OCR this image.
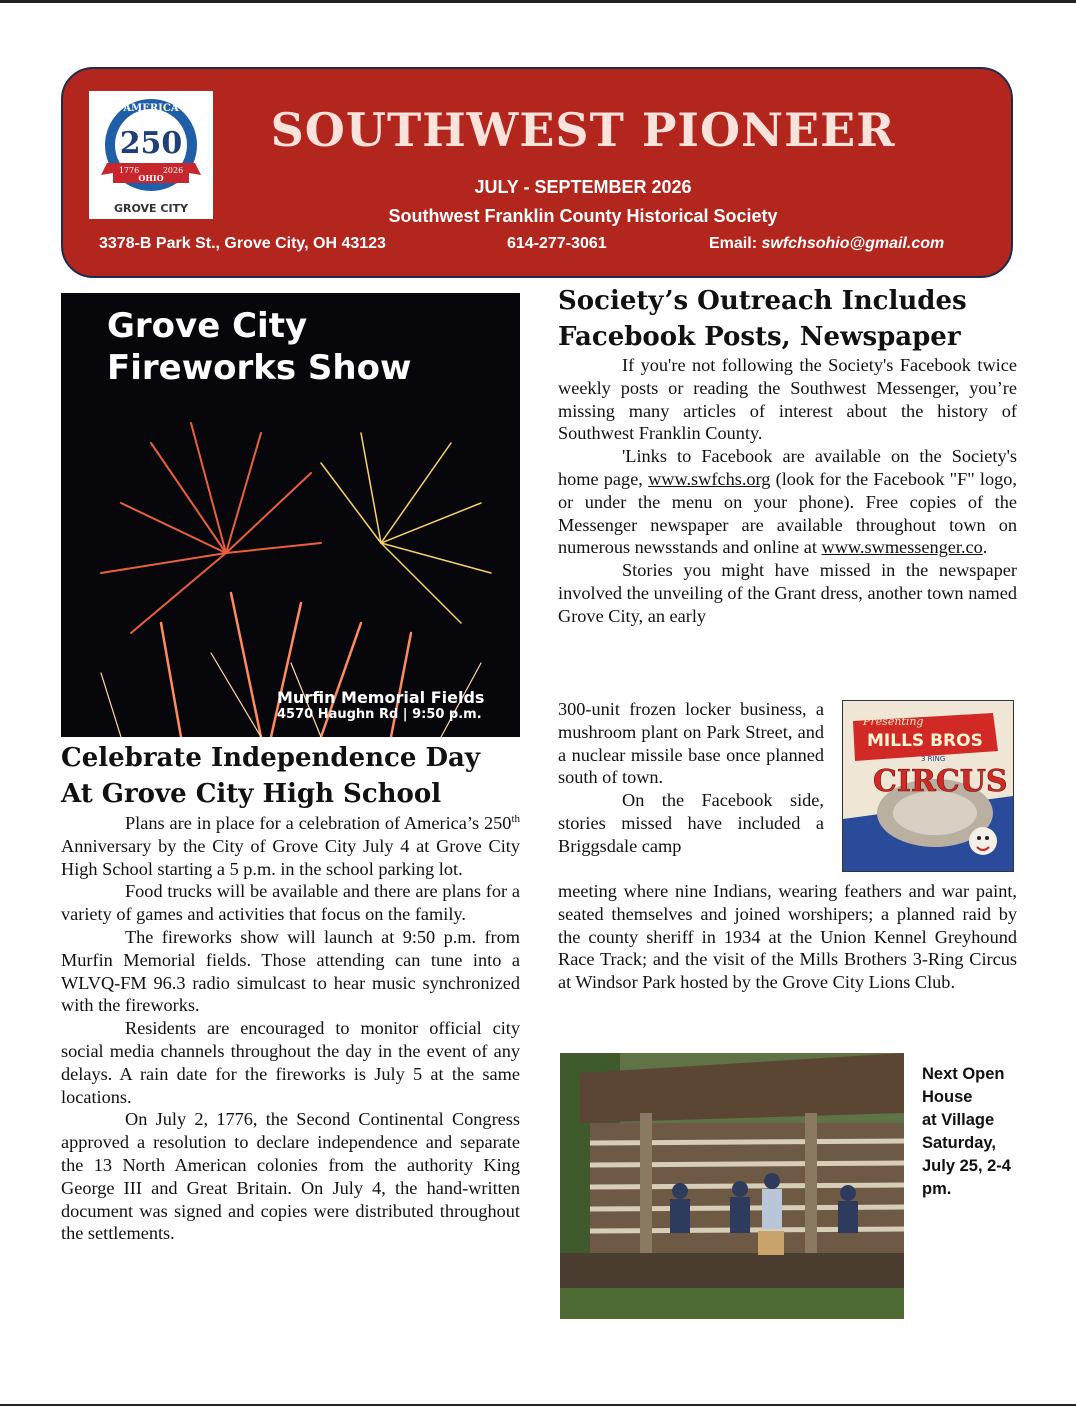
AMERICA
250
1776	2026
OHIO
GROVE CITY
SOUTHWEST PIONEER
JULY - SEPTEMBER 2026
Southwest Franklin County Historical Society
3378-B Park St., Grove City, OH 43123	614-277-3061	Email: swfchsohio@gmail.com
Grove City
Fireworks Show
Murfin Memorial Fields
4570 Haughn Rd | 9:50 p.m.
Celebrate Independence Day
At Grove City High School

Plans are in place for a celebration of America’s 250th Anniversary by the City of Grove City July 4 at Grove City High School starting a 5 p.m. in the school parking lot.

Food trucks will be available and there are plans for a variety of games and activities that focus on the family.

The fireworks show will launch at 9:50 p.m. from Murfin Memorial fields. Those attending can tune into a WLVQ-FM 96.3 radio simulcast to hear music synchronized with the fireworks.

Residents are encouraged to monitor official city social media channels throughout the day in the event of any delays. A rain date for the fireworks is July 5 at the same locations.

On July 2, 1776, the Second Continental Congress approved a resolution to declare independence and separate the 13 North American colonies from the authority King George III and Great Britain. On July 4, the hand-written document was signed and copies were distributed throughout the settlements.

Society’s Outreach Includes
Facebook Posts, Newspaper

If you're not following the Society's Facebook twice weekly posts or reading the Southwest Messenger, you’re missing many articles of interest about the history of Southwest Franklin County.

'Links to Facebook are available on the Society's home page, www.swfchs.org (look for the Facebook "F" logo, or under the menu on your phone). Free copies of the Messenger newspaper are available throughout town on numerous newsstands and online at www.swmessenger.co.

Stories you might have missed in the newspaper involved the unveiling of the Grant dress, another town named Grove City, an early

300-unit frozen locker business, a mushroom plant on Park Street, and a nuclear missile base once planned south of town.

On the Facebook side, stories missed have included a Briggsdale camp

meeting where nine Indians, wearing feathers and war paint, seated themselves and joined worshipers; a planned raid by the county sheriff in 1934 at the Union Kennel Greyhound Race Track; and the visit of the Mills Brothers 3-Ring Circus at Windsor Park hosted by the Grove City Lions Club.

Presenting
MILLS BROS
3 RING
CIRCUS
Next Open
House
at Village
Saturday,
July 25, 2-4
pm.
